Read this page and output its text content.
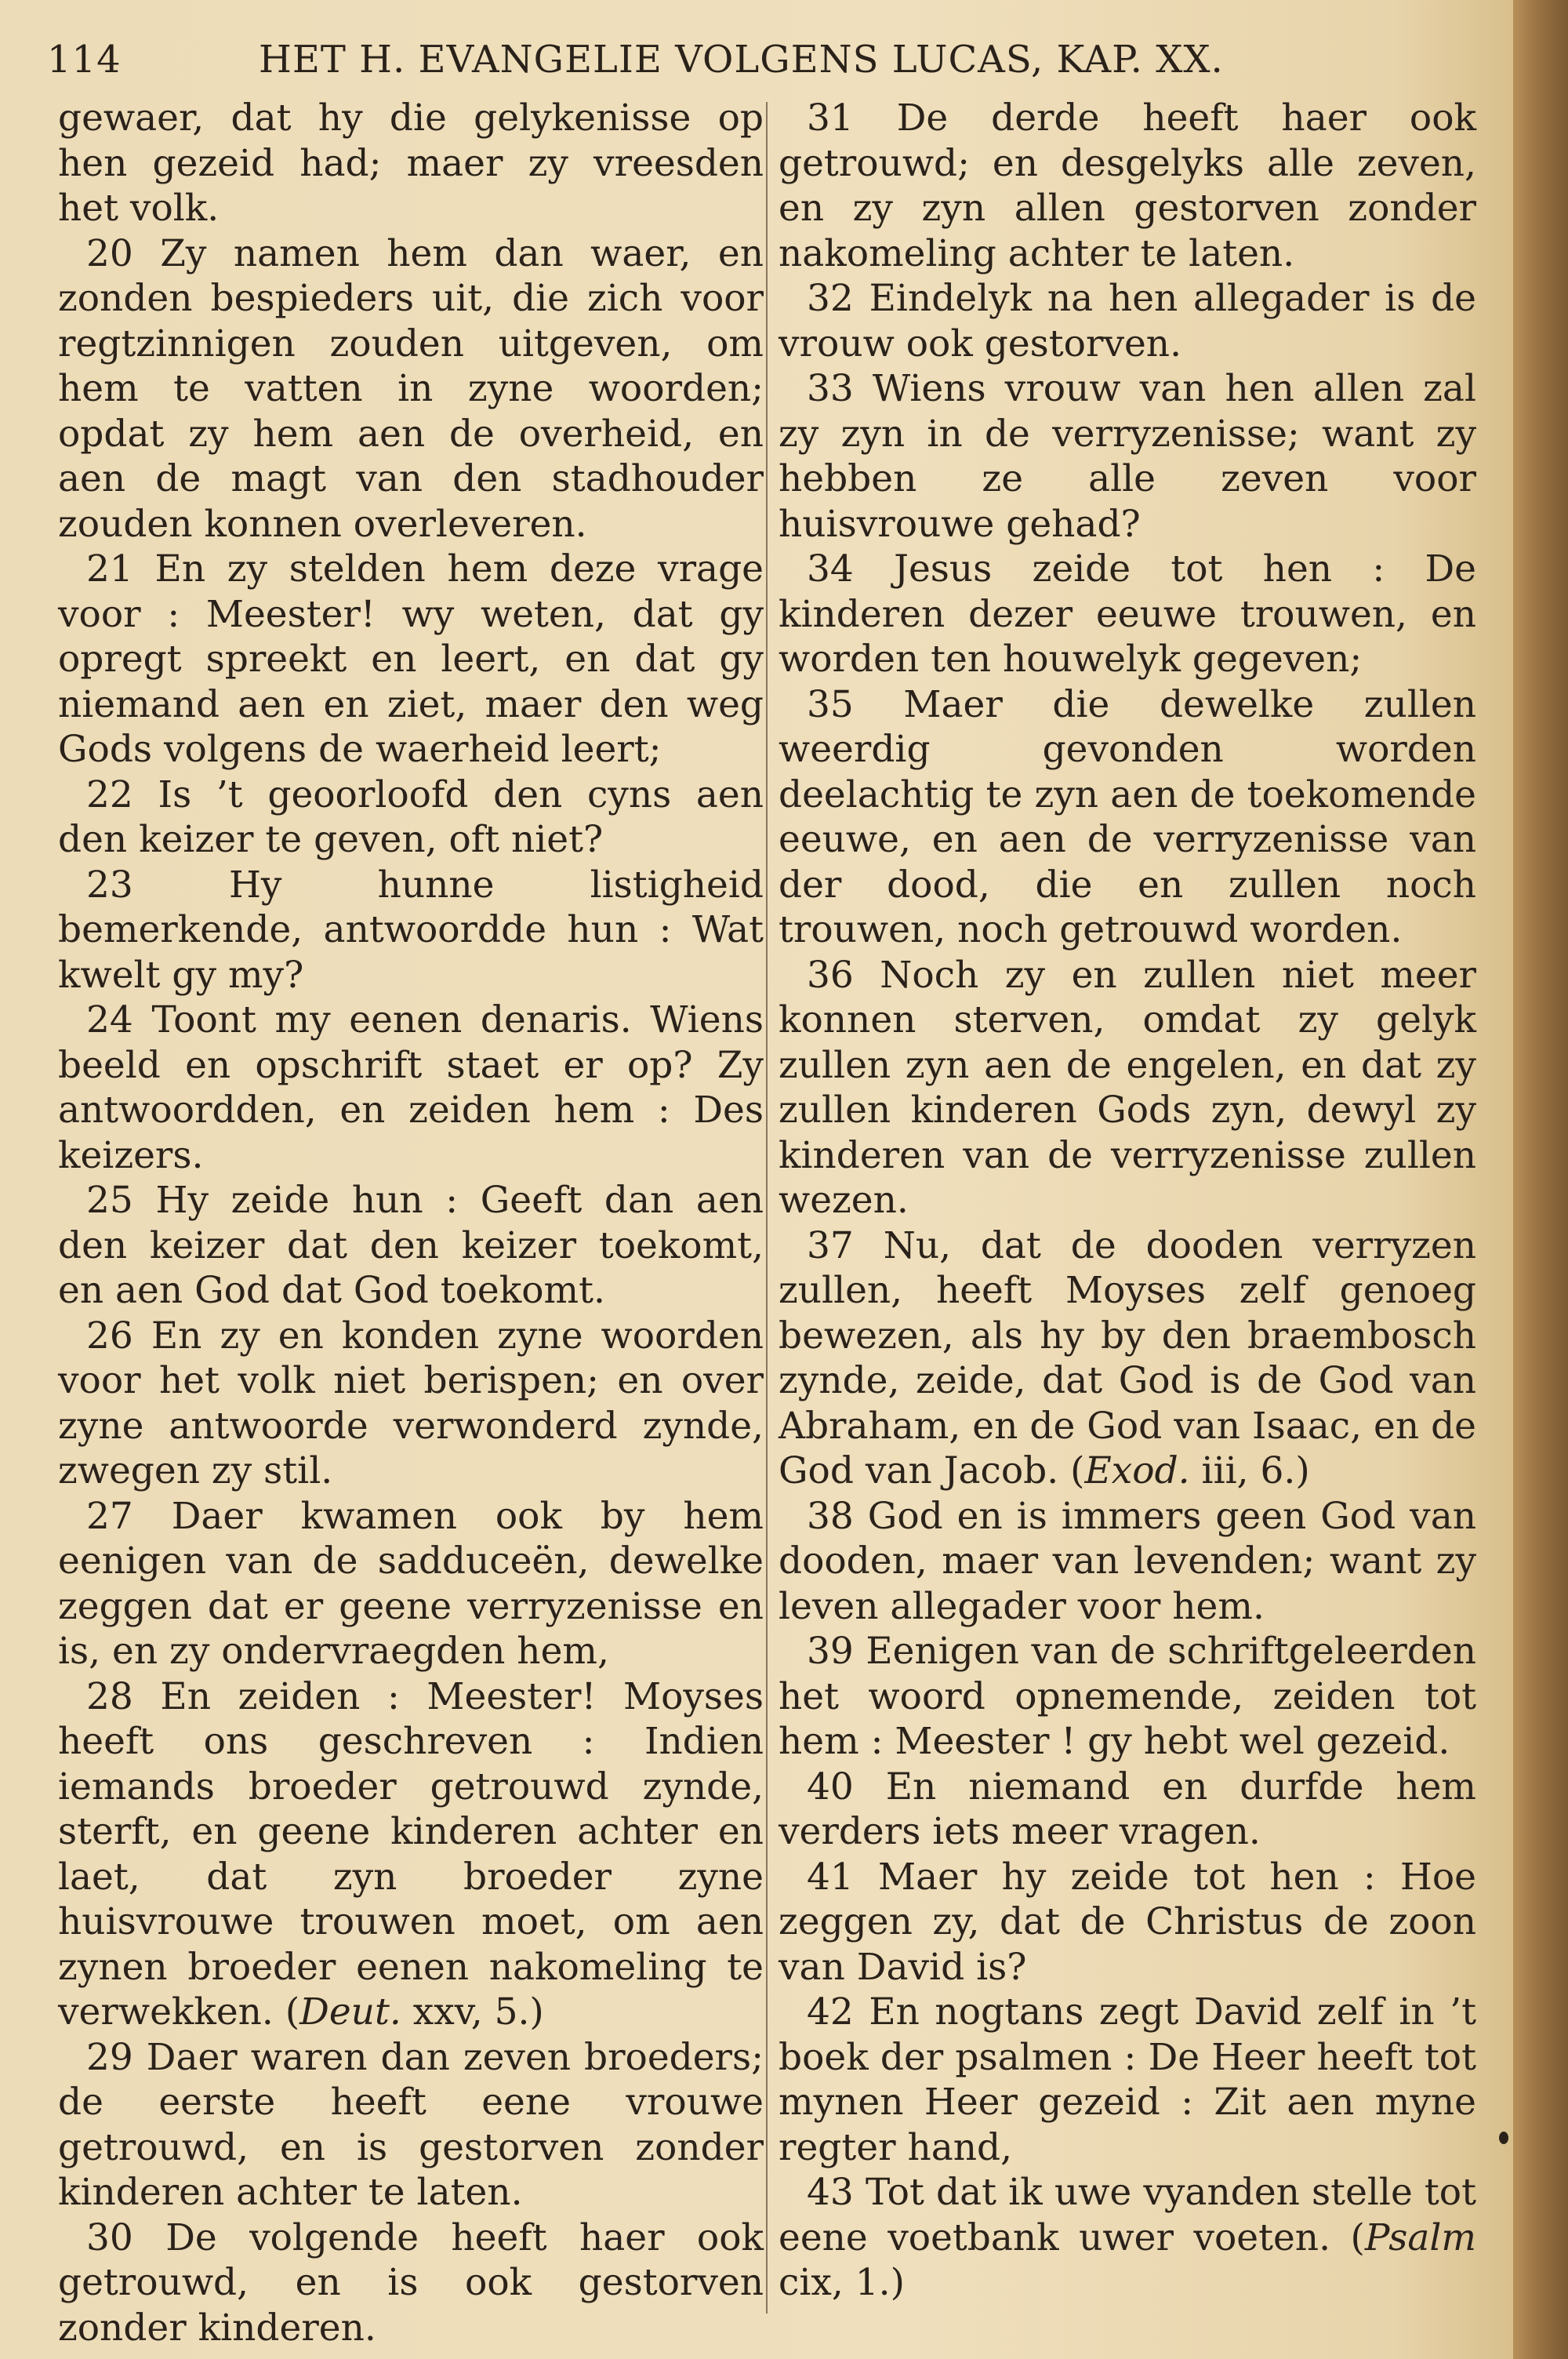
114	HET H. EVANGELIE VOLGENS LUCAS, KAP. XX.
gewaer, dat hy die gelykenisse op hen gezeid had; maer zy vreesden het volk.
20 Zy namen hem dan waer, en zonden bespieders uit, die zich voor regtzinnigen zouden uitgeven, om hem te vatten in zyne woorden; opdat zy hem aen de overheid, en aen de magt van den stadhouder zouden konnen overleveren.
21 En zy stelden hem deze vrage voor : Meester! wy weten, dat gy opregt spreekt en leert, en dat gy niemand aen en ziet, maer den weg Gods volgens de waerheid leert;
22 Is ’t geoorloofd den cyns aen den keizer te geven, oft niet?
23	Hy hunne listigheid bemerkende, antwoordde hun : Wat kwelt gy my?
24 Toont my eenen denaris. Wiens beeld en opschrift staet er op? Zy antwoordden, en zeiden hem : Des keizers.
25 Hy zeide hun : Geeft dan aen den keizer dat den keizer toekomt, en aen God dat God toekomt.
26 En zy en konden zyne woorden voor het volk niet berispen; en over zyne antwoorde verwonderd zynde, zwegen zy stil.
27 Daer kwamen ook by hem eenigen van de sadduceën, dewelke zeggen dat er geene verryzenisse en is, en zy ondervraegden hem,
28 En zeiden : Meester! Moyses heeft ons geschreven : Indien iemands broeder getrouwd zynde, sterft, en geene kinderen achter en laet, dat zyn broeder zyne huisvrouwe trouwen moet, om aen zynen broeder eenen nakomeling te verwekken. (Deut. xxv, 5.)
29 Daer waren dan zeven broeders; de eerste heeft eene vrouwe getrouwd, en is gestorven zonder kinderen achter te laten.
30 De volgende heeft haer ook getrouwd, en is ook gestorven zonder kinderen.
31 De derde heeft haer ook getrouwd; en desgelyks alle zeven, en zy zyn allen gestorven zonder nakomeling achter te laten.
32 Eindelyk na hen allegader is de vrouw ook gestorven.
33 Wiens vrouw van hen allen zal zy zyn in de verryzenisse; want zy hebben ze alle zeven voor huisvrouwe gehad?
34 Jesus zeide tot hen : De kinderen dezer eeuwe trouwen, en worden ten houwelyk gegeven;
35 Maer die dewelke zullen weerdig gevonden worden deelachtig te zyn aen de toekomende eeuwe, en aen de verryzenisse van der dood, die en zullen noch trouwen, noch getrouwd worden.
36 Noch zy en zullen niet meer konnen sterven, omdat zy gelyk zullen zyn aen de engelen, en dat zy zullen kinderen Gods zyn, dewyl zy kinderen van de verryzenisse zullen wezen.
37 Nu, dat de dooden verryzen zullen, heeft Moyses zelf genoeg bewezen, als hy by den braembosch zynde, zeide, dat God is de God van Abraham, en de God van Isaac, en de God van Jacob. (Exod. iii, 6.)
38 God en is immers geen God van dooden, maer van levenden; want zy leven allegader voor hem.
39 Eenigen van de schriftgeleerden het woord opnemende, zeiden tot hem : Meester ! gy hebt wel gezeid.
40 En niemand en durfde hem verders iets meer vragen.
41 Maer hy zeide tot hen : Hoe zeggen zy, dat de Christus de zoon van David is?
42 En nogtans zegt David zelf in ’t boek der psalmen : De Heer heeft tot mynen Heer gezeid : Zit aen myne regter hand,
43 Tot dat ik uwe vyanden stelle tot eene voetbank uwer voeten. (Psalm cix, 1.)
